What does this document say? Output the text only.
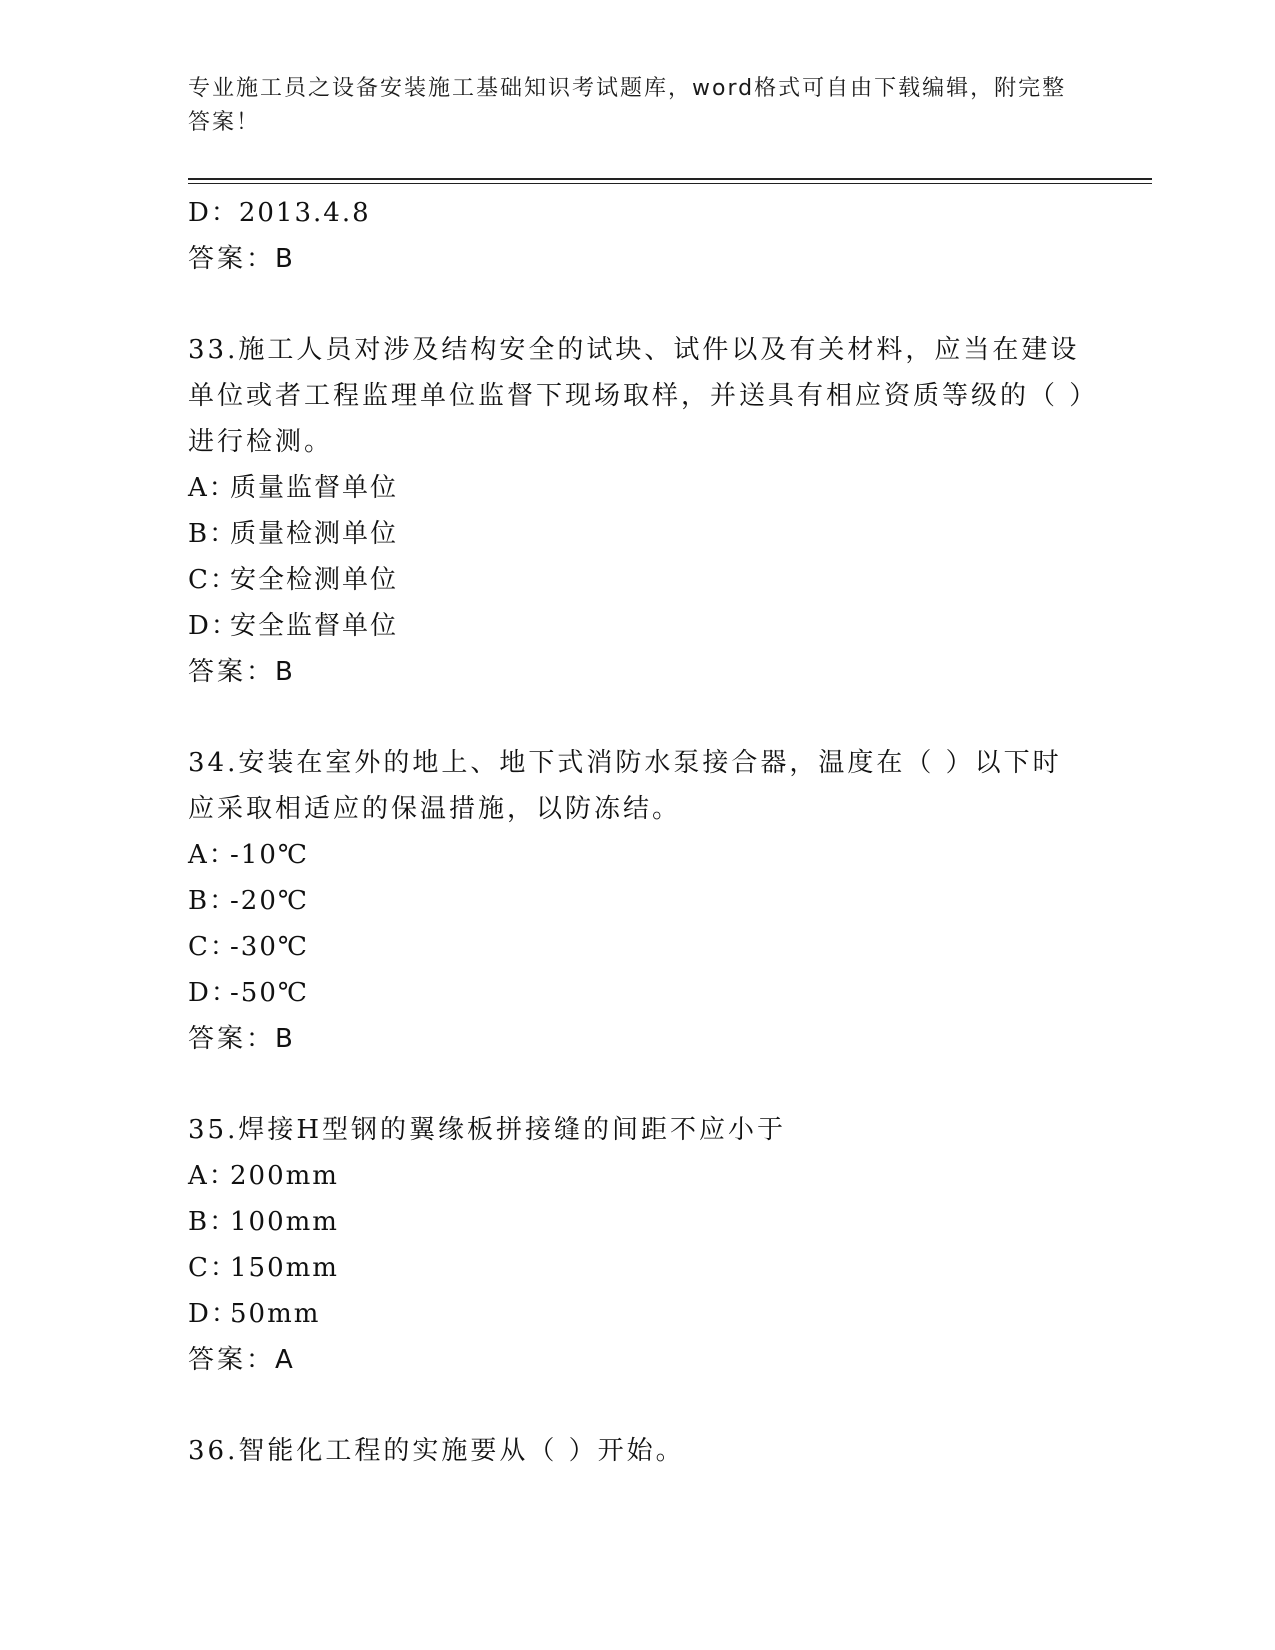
专业施工员之设备安装施工基础知识考试题库，word格式可自由下载编辑，附完整答案！
D：2013.4.8
答案：B
33.施工人员对涉及结构安全的试块、试件以及有关材料，应当在建设单位或者工程监理单位监督下现场取样，并送具有相应资质等级的（ ）进行检测。
A：质量监督单位
B：质量检测单位
C：安全检测单位
D：安全监督单位
答案：B
34.安装在室外的地上、地下式消防水泵接合器，温度在（ ）以下时应采取相适应的保温措施，以防冻结。
A：-10℃
B：-20℃
C：-30℃
D：-50℃
答案：B
35.焊接H型钢的翼缘板拼接缝的间距不应小于
A：200mm
B：100mm
C：150mm
D：50mm
答案：A
36.智能化工程的实施要从（ ）开始。
